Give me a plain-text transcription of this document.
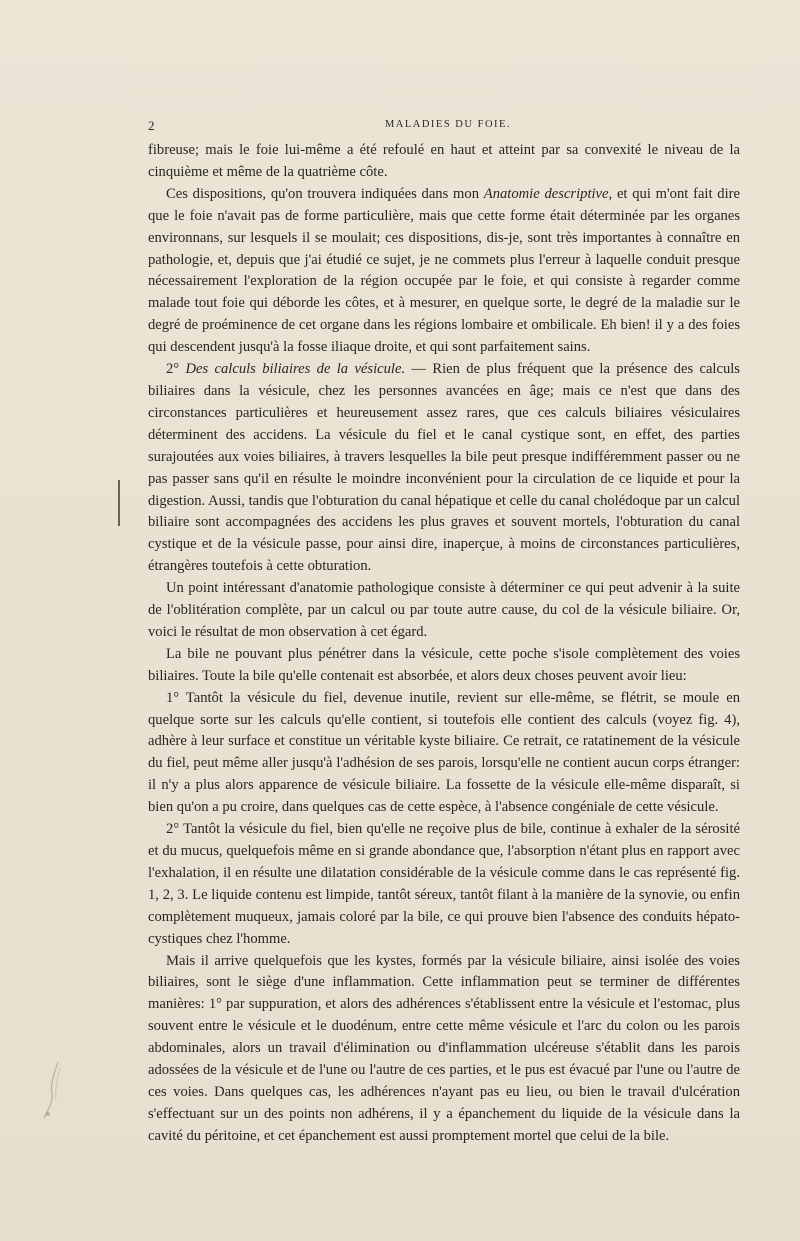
2	MALADIES DU FOIE.

fibreuse; mais le foie lui-même a été refoulé en haut et atteint par sa convexité le niveau de la cinquième et même de la quatrième côte.

Ces dispositions, qu'on trouvera indiquées dans mon Anatomie descriptive, et qui m'ont fait dire que le foie n'avait pas de forme particulière, mais que cette forme était déterminée par les organes environnans, sur lesquels il se moulait; ces dispositions, dis-je, sont très importantes à connaître en pathologie, et, depuis que j'ai étudié ce sujet, je ne commets plus l'erreur à laquelle conduit presque nécessairement l'exploration de la région occupée par le foie, et qui consiste à regarder comme malade tout foie qui déborde les côtes, et à mesurer, en quelque sorte, le degré de la maladie sur le degré de proéminence de cet organe dans les régions lombaire et ombilicale. Eh bien! il y a des foies qui descendent jusqu'à la fosse iliaque droite, et qui sont parfaitement sains.

2° Des calculs biliaires de la vésicule. — Rien de plus fréquent que la présence des calculs biliaires dans la vésicule, chez les personnes avancées en âge; mais ce n'est que dans des circonstances particulières et heureusement assez rares, que ces calculs biliaires vésiculaires déterminent des accidens. La vésicule du fiel et le canal cystique sont, en effet, des parties surajoutées aux voies biliaires, à travers lesquelles la bile peut presque indifféremment passer ou ne pas passer sans qu'il en résulte le moindre inconvénient pour la circulation de ce liquide et pour la digestion. Aussi, tandis que l'obturation du canal hépatique et celle du canal cholédoque par un calcul biliaire sont accompagnées des accidens les plus graves et souvent mortels, l'obturation du canal cystique et de la vésicule passe, pour ainsi dire, inaperçue, à moins de circonstances particulières, étrangères toutefois à cette obturation.

Un point intéressant d'anatomie pathologique consiste à déterminer ce qui peut advenir à la suite de l'oblitération complète, par un calcul ou par toute autre cause, du col de la vésicule biliaire. Or, voici le résultat de mon observation à cet égard.

La bile ne pouvant plus pénétrer dans la vésicule, cette poche s'isole complètement des voies biliaires. Toute la bile qu'elle contenait est absorbée, et alors deux choses peuvent avoir lieu:

1° Tantôt la vésicule du fiel, devenue inutile, revient sur elle-même, se flétrit, se moule en quelque sorte sur les calculs qu'elle contient, si toutefois elle contient des calculs (voyez fig. 4), adhère à leur surface et constitue un véritable kyste biliaire. Ce retrait, ce ratatinement de la vésicule du fiel, peut même aller jusqu'à l'adhésion de ses parois, lorsqu'elle ne contient aucun corps étranger: il n'y a plus alors apparence de vésicule biliaire. La fossette de la vésicule elle-même disparaît, si bien qu'on a pu croire, dans quelques cas de cette espèce, à l'absence congéniale de cette vésicule.

2° Tantôt la vésicule du fiel, bien qu'elle ne reçoive plus de bile, continue à exhaler de la sérosité et du mucus, quelquefois même en si grande abondance que, l'absorption n'étant plus en rapport avec l'exhalation, il en résulte une dilatation considérable de la vésicule comme dans le cas représenté fig. 1, 2, 3. Le liquide contenu est limpide, tantôt séreux, tantôt filant à la manière de la synovie, ou enfin complètement muqueux, jamais coloré par la bile, ce qui prouve bien l'absence des conduits hépato-cystiques chez l'homme.

Mais il arrive quelquefois que les kystes, formés par la vésicule biliaire, ainsi isolée des voies biliaires, sont le siège d'une inflammation. Cette inflammation peut se terminer de différentes manières: 1° par suppuration, et alors des adhérences s'établissent entre la vésicule et l'estomac, plus souvent entre le vésicule et le duodénum, entre cette même vésicule et l'arc du colon ou les parois abdominales, alors un travail d'élimination ou d'inflammation ulcéreuse s'établit dans les parois adossées de la vésicule et de l'une ou l'autre de ces parties, et le pus est évacué par l'une ou l'autre de ces voies. Dans quelques cas, les adhérences n'ayant pas eu lieu, ou bien le travail d'ulcération s'effectuant sur un des points non adhérens, il y a épanchement du liquide de la vésicule dans la cavité du péritoine, et cet épanchement est aussi promptement mortel que celui de la bile.
